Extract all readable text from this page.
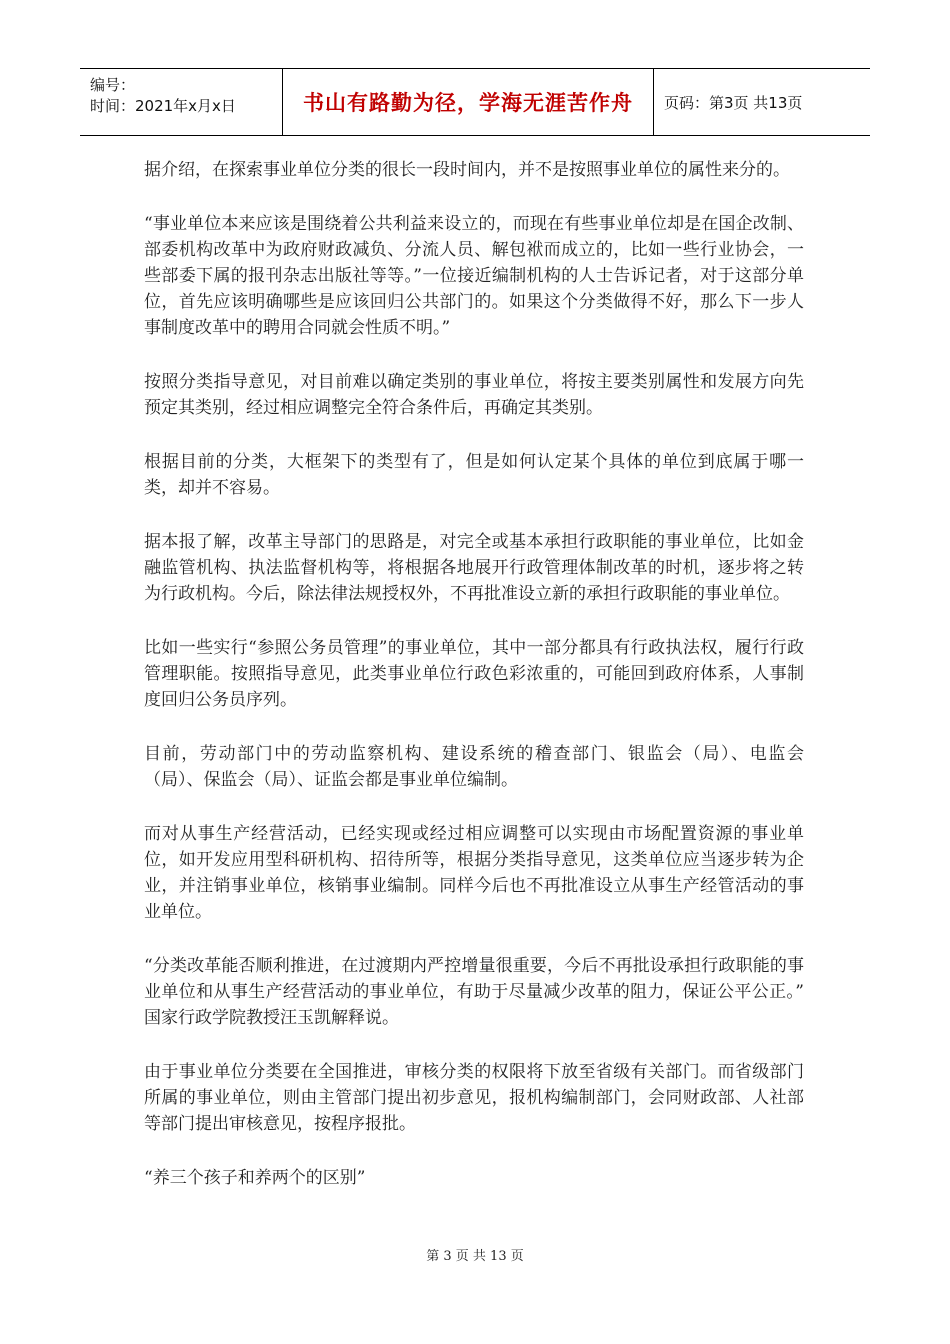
编号：
时间：2021年x月x日	书山有路勤为径，学海无涯苦作舟	页码：第3页 共13页

据介绍，在探索事业单位分类的很长一段时间内，并不是按照事业单位的属性来分的。

“事业单位本来应该是围绕着公共利益来设立的，而现在有些事业单位却是在国企改制、部委机构改革中为政府财政减负、分流人员、解包袱而成立的，比如一些行业协会，一些部委下属的报刊杂志出版社等等。”一位接近编制机构的人士告诉记者，对于这部分单位，首先应该明确哪些是应该回归公共部门的。如果这个分类做得不好，那么下一步人事制度改革中的聘用合同就会性质不明。”

按照分类指导意见，对目前难以确定类别的事业单位，将按主要类别属性和发展方向先预定其类别，经过相应调整完全符合条件后，再确定其类别。

根据目前的分类，大框架下的类型有了，但是如何认定某个具体的单位到底属于哪一类，却并不容易。

据本报了解，改革主导部门的思路是，对完全或基本承担行政职能的事业单位，比如金融监管机构、执法监督机构等，将根据各地展开行政管理体制改革的时机，逐步将之转为行政机构。今后，除法律法规授权外，不再批准设立新的承担行政职能的事业单位。

比如一些实行“参照公务员管理”的事业单位，其中一部分都具有行政执法权，履行行政管理职能。按照指导意见，此类事业单位行政色彩浓重的，可能回到政府体系，人事制度回归公务员序列。

目前，劳动部门中的劳动监察机构、建设系统的稽查部门、银监会（局）、电监会（局）、保监会（局）、证监会都是事业单位编制。

而对从事生产经营活动，已经实现或经过相应调整可以实现由市场配置资源的事业单位，如开发应用型科研机构、招待所等，根据分类指导意见，这类单位应当逐步转为企业，并注销事业单位，核销事业编制。同样今后也不再批准设立从事生产经管活动的事业单位。

“分类改革能否顺利推进，在过渡期内严控增量很重要，今后不再批设承担行政职能的事业单位和从事生产经营活动的事业单位，有助于尽量减少改革的阻力，保证公平公正。” 国家行政学院教授汪玉凯解释说。

由于事业单位分类要在全国推进，审核分类的权限将下放至省级有关部门。而省级部门所属的事业单位，则由主管部门提出初步意见，报机构编制部门，会同财政部、人社部等部门提出审核意见，按程序报批。

“养三个孩子和养两个的区别”

第 3 页 共 13 页
